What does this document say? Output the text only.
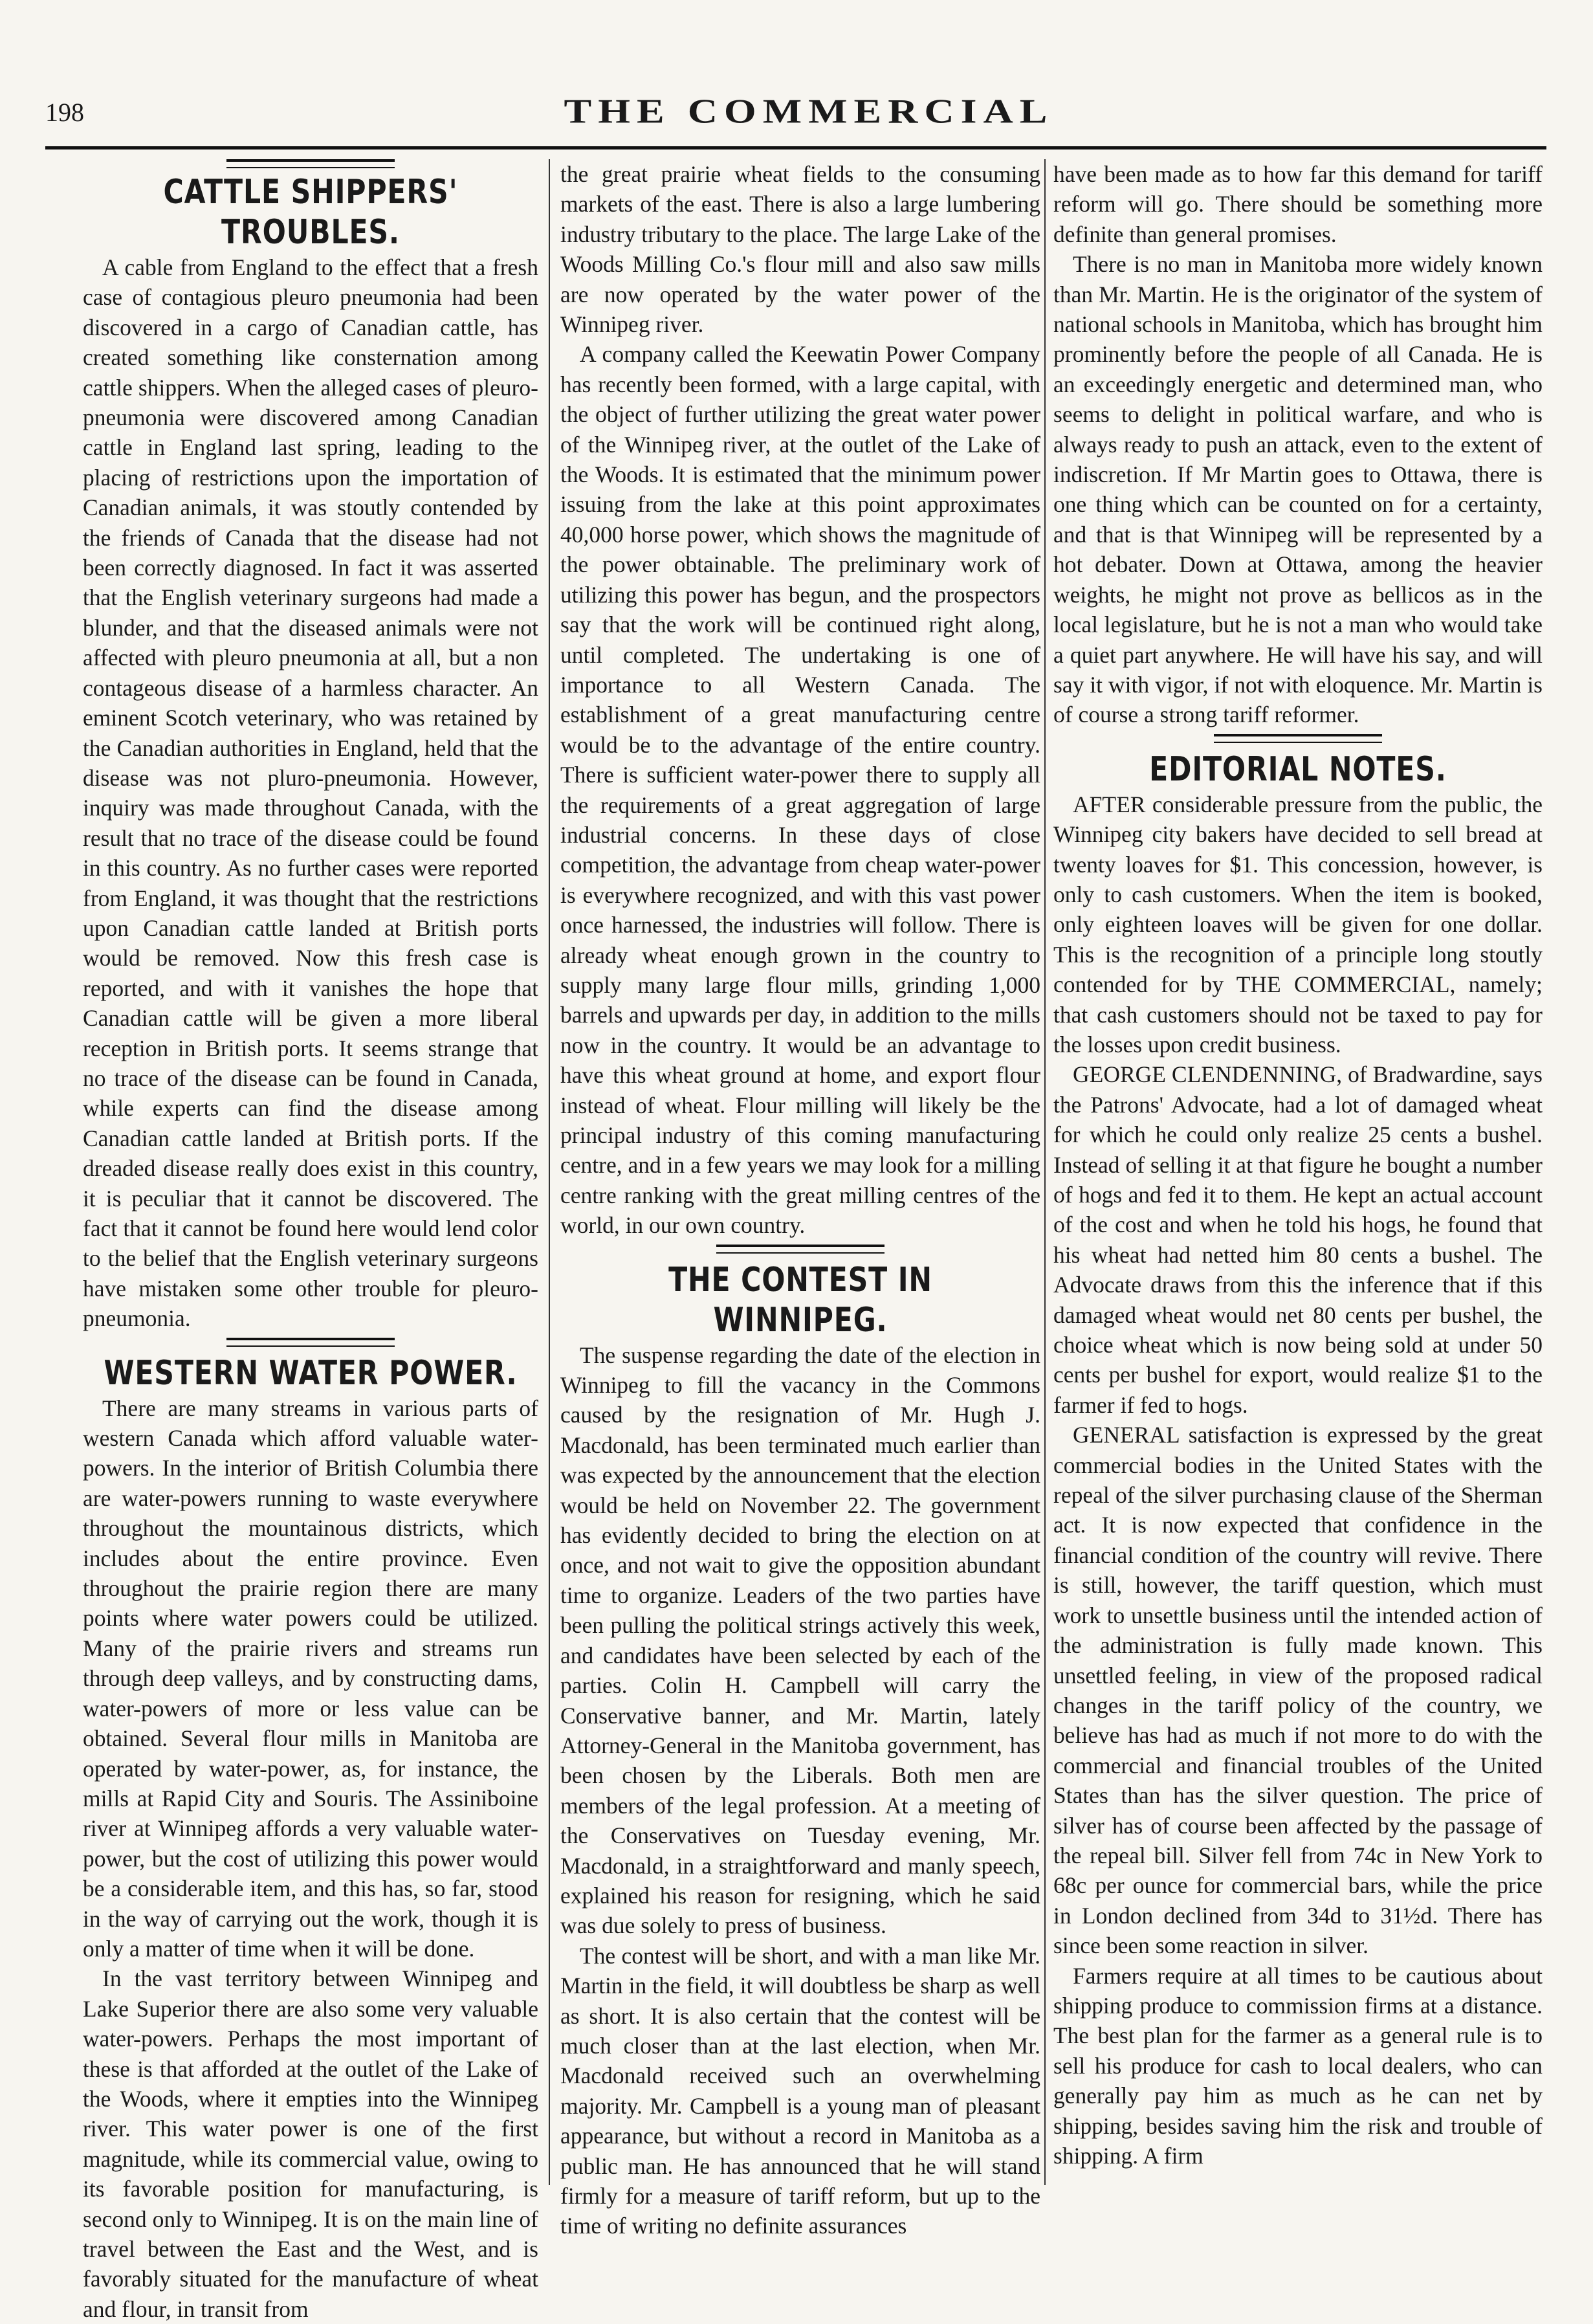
198	THE COMMERCIAL
CATTLE SHIPPERS' TROUBLES.

A cable from England to the effect that a fresh case of contagious pleuro pneumonia had been discovered in a cargo of Canadian cattle, has created something like consternation among cattle shippers. When the alleged cases of pleuro-pneumonia were discovered among Canadian cattle in England last spring, leading to the placing of restrictions upon the importation of Canadian animals, it was stoutly contended by the friends of Canada that the disease had not been correctly diagnosed. In fact it was asserted that the English veterinary surgeons had made a blunder, and that the diseased animals were not affected with pleuro pneumonia at all, but a non contageous disease of a harmless character. An eminent Scotch veterinary, who was retained by the Canadian authorities in England, held that the disease was not pluro-pneumonia. However, inquiry was made throughout Canada, with the result that no trace of the disease could be found in this country. As no further cases were reported from England, it was thought that the restrictions upon Canadian cattle landed at British ports would be removed. Now this fresh case is reported, and with it vanishes the hope that Canadian cattle will be given a more liberal reception in British ports. It seems strange that no trace of the disease can be found in Canada, while experts can find the disease among Canadian cattle landed at British ports. If the dreaded disease really does exist in this country, it is peculiar that it cannot be discovered. The fact that it cannot be found here would lend color to the belief that the English veterinary surgeons have mistaken some other trouble for pleuro-pneumonia.

WESTERN WATER POWER.

There are many streams in various parts of western Canada which afford valuable water-powers. In the interior of British Columbia there are water-powers running to waste everywhere throughout the mountainous districts, which includes about the entire province. Even throughout the prairie region there are many points where water powers could be utilized. Many of the prairie rivers and streams run through deep valleys, and by constructing dams, water-powers of more or less value can be obtained. Several flour mills in Manitoba are operated by water-power, as, for instance, the mills at Rapid City and Souris. The Assiniboine river at Winnipeg affords a very valuable water-power, but the cost of utilizing this power would be a considerable item, and this has, so far, stood in the way of carrying out the work, though it is only a matter of time when it will be done.

In the vast territory between Winnipeg and Lake Superior there are also some very valuable water-powers. Perhaps the most important of these is that afforded at the outlet of the Lake of the Woods, where it empties into the Winnipeg river. This water power is one of the first magnitude, while its commercial value, owing to its favorable position for manufacturing, is second only to Winnipeg. It is on the main line of travel between the East and the West, and is favorably situated for the manufacture of wheat and flour, in transit from

the great prairie wheat fields to the consuming markets of the east. There is also a large lumbering industry tributary to the place. The large Lake of the Woods Milling Co.'s flour mill and also saw mills are now operated by the water power of the Winnipeg river.

A company called the Keewatin Power Company has recently been formed, with a large capital, with the object of further utilizing the great water power of the Winnipeg river, at the outlet of the Lake of the Woods. It is estimated that the minimum power issuing from the lake at this point approximates 40,000 horse power, which shows the magnitude of the power obtainable. The preliminary work of utilizing this power has begun, and the prospectors say that the work will be continued right along, until completed. The undertaking is one of importance to all Western Canada. The establishment of a great manufacturing centre would be to the advantage of the entire country. There is sufficient water-power there to supply all the requirements of a great aggregation of large industrial concerns. In these days of close competition, the advantage from cheap water-power is everywhere recognized, and with this vast power once harnessed, the industries will follow. There is already wheat enough grown in the country to supply many large flour mills, grinding 1,000 barrels and upwards per day, in addition to the mills now in the country. It would be an advantage to have this wheat ground at home, and export flour instead of wheat. Flour milling will likely be the principal industry of this coming manufacturing centre, and in a few years we may look for a milling centre ranking with the great milling centres of the world, in our own country.

THE CONTEST IN WINNIPEG.

The suspense regarding the date of the election in Winnipeg to fill the vacancy in the Commons caused by the resignation of Mr. Hugh J. Macdonald, has been terminated much earlier than was expected by the announcement that the election would be held on November 22. The government has evidently decided to bring the election on at once, and not wait to give the opposition abundant time to organize. Leaders of the two parties have been pulling the political strings actively this week, and candidates have been selected by each of the parties. Colin H. Campbell will carry the Conservative banner, and Mr. Martin, lately Attorney-General in the Manitoba government, has been chosen by the Liberals. Both men are members of the legal profession. At a meeting of the Conservatives on Tuesday evening, Mr. Macdonald, in a straightforward and manly speech, explained his reason for resigning, which he said was due solely to press of business.

The contest will be short, and with a man like Mr. Martin in the field, it will doubtless be sharp as well as short. It is also certain that the contest will be much closer than at the last election, when Mr. Macdonald received such an overwhelming majority. Mr. Campbell is a young man of pleasant appearance, but without a record in Manitoba as a public man. He has announced that he will stand firmly for a measure of tariff reform, but up to the time of writing no definite assurances

have been made as to how far this demand for tariff reform will go. There should be something more definite than general promises.

There is no man in Manitoba more widely known than Mr. Martin. He is the originator of the system of national schools in Manitoba, which has brought him prominently before the people of all Canada. He is an exceedingly energetic and determined man, who seems to delight in political warfare, and who is always ready to push an attack, even to the extent of indiscretion. If Mr Martin goes to Ottawa, there is one thing which can be counted on for a certainty, and that is that Winnipeg will be represented by a hot debater. Down at Ottawa, among the heavier weights, he might not prove as bellicos as in the local legislature, but he is not a man who would take a quiet part anywhere. He will have his say, and will say it with vigor, if not with eloquence. Mr. Martin is of course a strong tariff reformer.

EDITORIAL NOTES.

AFTER considerable pressure from the public, the Winnipeg city bakers have decided to sell bread at twenty loaves for $1. This concession, however, is only to cash customers. When the item is booked, only eighteen loaves will be given for one dollar. This is the recognition of a principle long stoutly contended for by THE COMMERCIAL, namely; that cash customers should not be taxed to pay for the losses upon credit business.

GEORGE CLENDENNING, of Bradwardine, says the Patrons' Advocate, had a lot of damaged wheat for which he could only realize 25 cents a bushel. Instead of selling it at that figure he bought a number of hogs and fed it to them. He kept an actual account of the cost and when he told his hogs, he found that his wheat had netted him 80 cents a bushel. The Advocate draws from this the inference that if this damaged wheat would net 80 cents per bushel, the choice wheat which is now being sold at under 50 cents per bushel for export, would realize $1 to the farmer if fed to hogs.

GENERAL satisfaction is expressed by the great commercial bodies in the United States with the repeal of the silver purchasing clause of the Sherman act. It is now expected that confidence in the financial condition of the country will revive. There is still, however, the tariff question, which must work to unsettle business until the intended action of the administration is fully made known. This unsettled feeling, in view of the proposed radical changes in the tariff policy of the country, we believe has had as much if not more to do with the commercial and financial troubles of the United States than has the silver question. The price of silver has of course been affected by the passage of the repeal bill. Silver fell from 74c in New York to 68c per ounce for commercial bars, while the price in London declined from 34d to 31½d. There has since been some reaction in silver.

Farmers require at all times to be cautious about shipping produce to commission firms at a distance. The best plan for the farmer as a general rule is to sell his produce for cash to local dealers, who can generally pay him as much as he can net by shipping, besides saving him the risk and trouble of shipping. A firm
